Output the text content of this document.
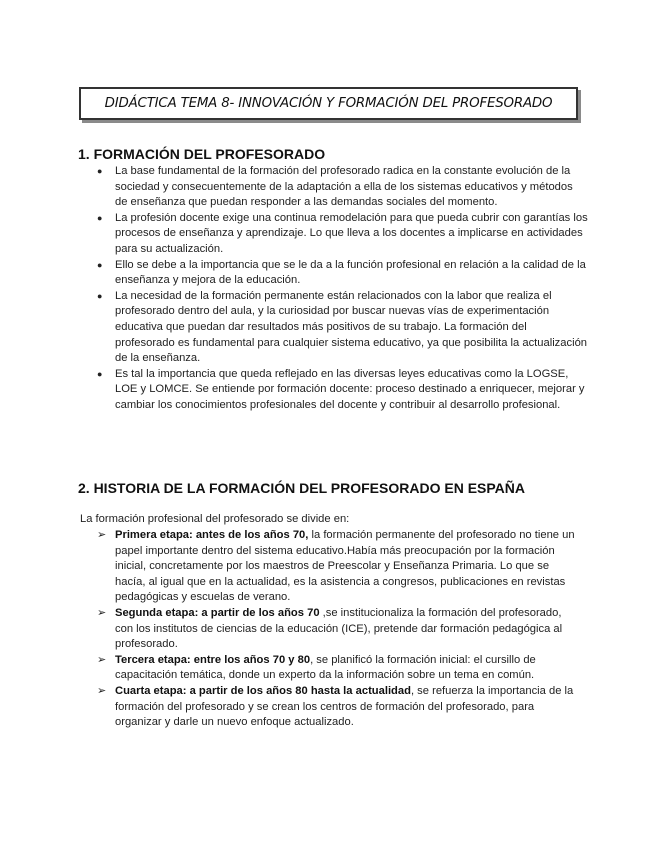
DIDÁCTICA TEMA 8- INNOVACIÓN Y FORMACIÓN DEL PROFESORADO
1. FORMACIÓN DEL PROFESORADO
● La base fundamental de la formación del profesorado radica en la constante evolución de la sociedad y consecuentemente de la adaptación a ella de los sistemas educativos y métodos de enseñanza que puedan responder a las demandas sociales del momento.
● La profesión docente exige una continua remodelación para que pueda cubrir con garantías los procesos de enseñanza y aprendizaje. Lo que lleva a los docentes a implicarse en actividades para su actualización.
● Ello se debe a la importancia que se le da a la función profesional en relación a la calidad de la enseñanza y mejora de la educación.
● La necesidad de la formación permanente están relacionados con la labor que realiza el profesorado dentro del aula, y la curiosidad por buscar nuevas vías de experimentación educativa que puedan dar resultados más positivos de su trabajo. La formación del profesorado es fundamental para cualquier sistema educativo, ya que posibilita la actualización de la enseñanza.
● Es tal la importancia que queda reflejado en las diversas leyes educativas como la LOGSE, LOE y LOMCE. Se entiende por formación docente: proceso destinado a enriquecer, mejorar y cambiar los conocimientos profesionales del docente y contribuir al desarrollo profesional.
2. HISTORIA DE LA FORMACIÓN DEL PROFESORADO EN ESPAÑA

La formación profesional del profesorado se divide en:

➢ Primera etapa: antes de los años 70, la formación permanente del profesorado no tiene un papel importante dentro del sistema educativo.Había más preocupación por la formación inicial, concretamente por los maestros de Preescolar y Enseñanza Primaria. Lo que se hacía, al igual que en la actualidad, es la asistencia a congresos, publicaciones en revistas pedagógicas y escuelas de verano.
➢ Segunda etapa: a partir de los años 70 ,se institucionaliza la formación del profesorado, con los institutos de ciencias de la educación (ICE), pretende dar formación pedagógica al profesorado.
➢ Tercera etapa: entre los años 70 y 80, se planificó la formación inicial: el cursillo de capacitación temática, donde un experto da la información sobre un tema en común.
➢ Cuarta etapa: a partir de los años 80 hasta la actualidad, se refuerza la importancia de la formación del profesorado y se crean los centros de formación del profesorado, para organizar y darle un nuevo enfoque actualizado.
